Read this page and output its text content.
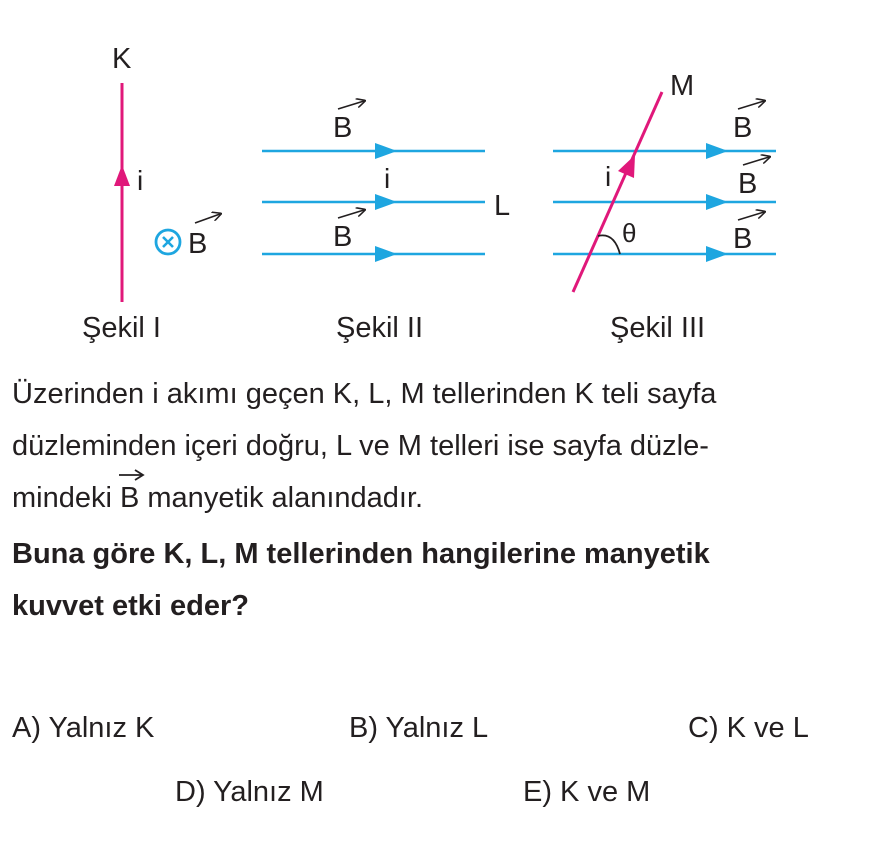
K
i
B
B
i
L
B
M
i
θ
B
B
B
Şekil I	Şekil II	Şekil III

Üzerinden i akımı geçen K, L, M tellerinden K teli sayfa

düzleminden içeri doğru, L ve M telleri ise sayfa düzle-

mindeki B
manyetik alanındadır.

Buna göre K, L, M tellerinden hangilerine manyetik

kuvvet etki eder?

A) Yalnız K	B) Yalnız L	C) K ve L
D) Yalnız M	E) K ve M
